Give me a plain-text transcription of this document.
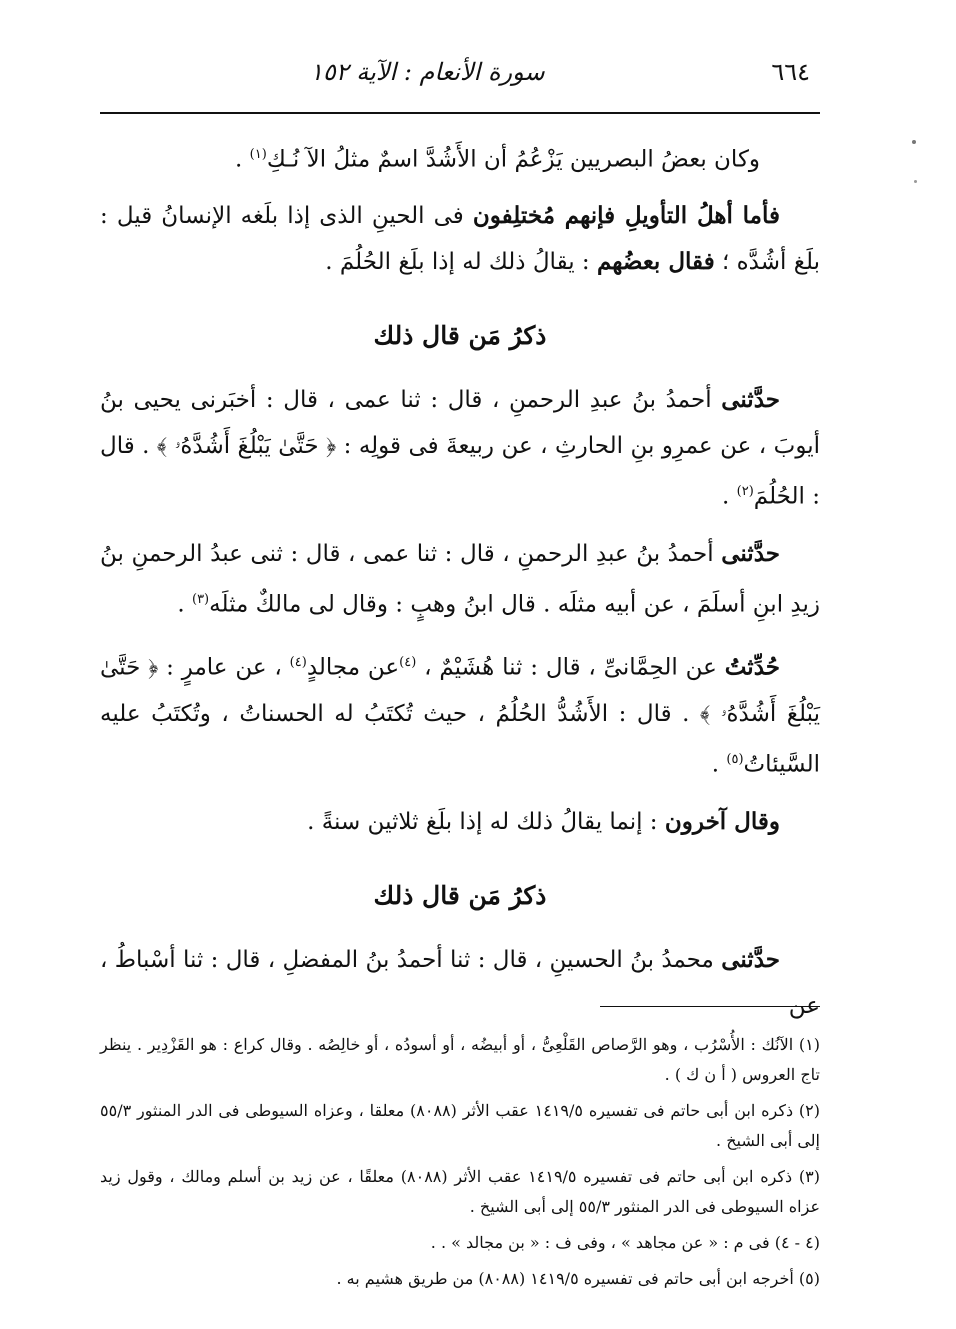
٦٦٤
سورة الأنعام : الآية ١٥٢

وكان بعضُ البصريين يَزْعُمُ أن الأَشُدَّ اسمٌ مثلُ الآ نُـكِ$^{(١)}$ .

فأما أهلُ التأويلِ فإنهم مُختلِفون فى الحينِ الذى إذا بلَغه الإنسانُ قيل : بلَغ أشُدَّه ؛ فقال بعضُهم : يقالُ ذلك له إذا بلَغ الحُلُمَ .

ذكرُ مَن قال ذلك

حدَّثنى أحمدُ بنُ عبدِ الرحمنِ ، قال : ثنا عمى ، قال : أخبَرنى يحيى بنُ أيوبَ ، عن عمرِو بنِ الحارثِ ، عن ربيعةَ فى قولِه : ﴿ حَتَّىٰ يَبْلُغَ أَشُدَّهُۥ ﴾ . قال : الحُلُمَ$^{(٢)}$ .

حدَّثنى أحمدُ بنُ عبدِ الرحمنِ ، قال : ثنا عمى ، قال : ثنى عبدُ الرحمنِ بنُ زيدِ ابنِ أسلَمَ ، عن أبيه مثلَه . قال ابنُ وهبٍ : وقال لى مالكٌ مثلَه$^{(٣)}$ .

حُدِّثتُ عن الحِمَّانىِّ ، قال : ثنا هُشَيْمٌ ، $^{(٤)}$عن مجالدٍ$^{(٤)}$ ، عن عامرٍ : ﴿ حَتَّىٰ يَبْلُغَ أَشُدَّهُۥ ﴾ . قال : الأَشُدُّ الحُلُمُ ، حيث تُكتَبُ له الحسناتُ ، وتُكتَبُ عليه السَّيئاتُ$^{(٥)}$ .

وقال آخرون : إنما يقالُ ذلك له إذا بلَغ ثلاثين سنةً .

ذكرُ مَن قال ذلك

حدَّثنى محمدُ بنُ الحسينِ ، قال : ثنا أحمدُ بنُ المفضلِ ، قال : ثنا أسْباطُ ، عن

(١) الآنُك : الأُسْرُب ، وهو الرَّصاص القَلْعِىُّ ، أو أبيضُه ، أو أسودُه ، أو خالِصُه . وقال كراع : هو القَزْدِير . ينظر تاج العروس ( أ ن ك ) .

(٢) ذكره ابن أبى حاتم فى تفسيره ١٤١٩/٥ عقب الأثر (٨٠٨٨) معلقا ، وعزاه السيوطى فى الدر المنثور ٥٥/٣ إلى أبى الشيخ .

(٣) ذكره ابن أبى حاتم فى تفسيره ١٤١٩/٥ عقب الأثر (٨٠٨٨) معلقًا ، عن زيد بن أسلم ومالك ، وقول زيد عزاه السيوطى فى الدر المنثور ٥٥/٣ إلى أبى الشيخ .

(٤ - ٤) فى م : « عن مجاهد » ، وفى ف : « بن مجالد » . .

(٥) أخرجه ابن أبى حاتم فى تفسيره ١٤١٩/٥ (٨٠٨٨) من طريق هشيم به .
